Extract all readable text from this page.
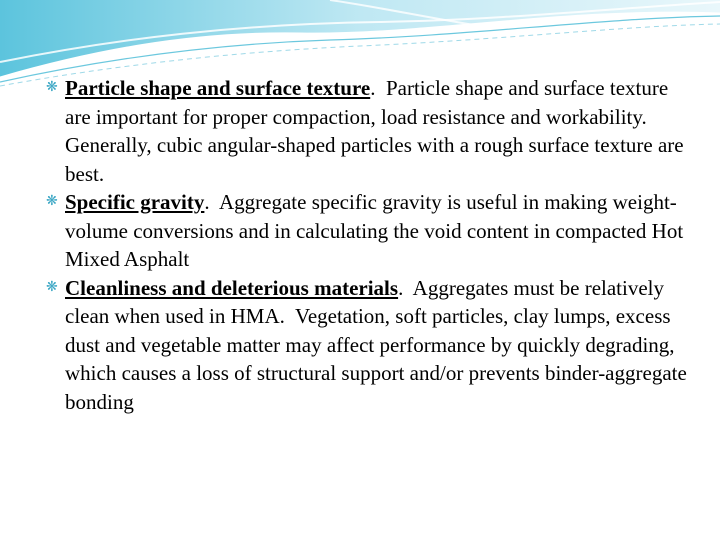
❋ Particle shape and surface texture.  Particle shape and surface texture are important for proper compaction, load resistance and workability.  Generally, cubic angular-shaped particles with a rough surface texture are best.

❋ Specific gravity.  Aggregate specific gravity is useful in making weight-volume conversions and in calculating the void content in compacted Hot Mixed Asphalt

❋ Cleanliness and deleterious materials.  Aggregates must be relatively clean when used in HMA.  Vegetation, soft particles, clay lumps, excess dust and vegetable matter may affect performance by quickly degrading, which causes a loss of structural support and/or prevents binder-aggregate bonding
